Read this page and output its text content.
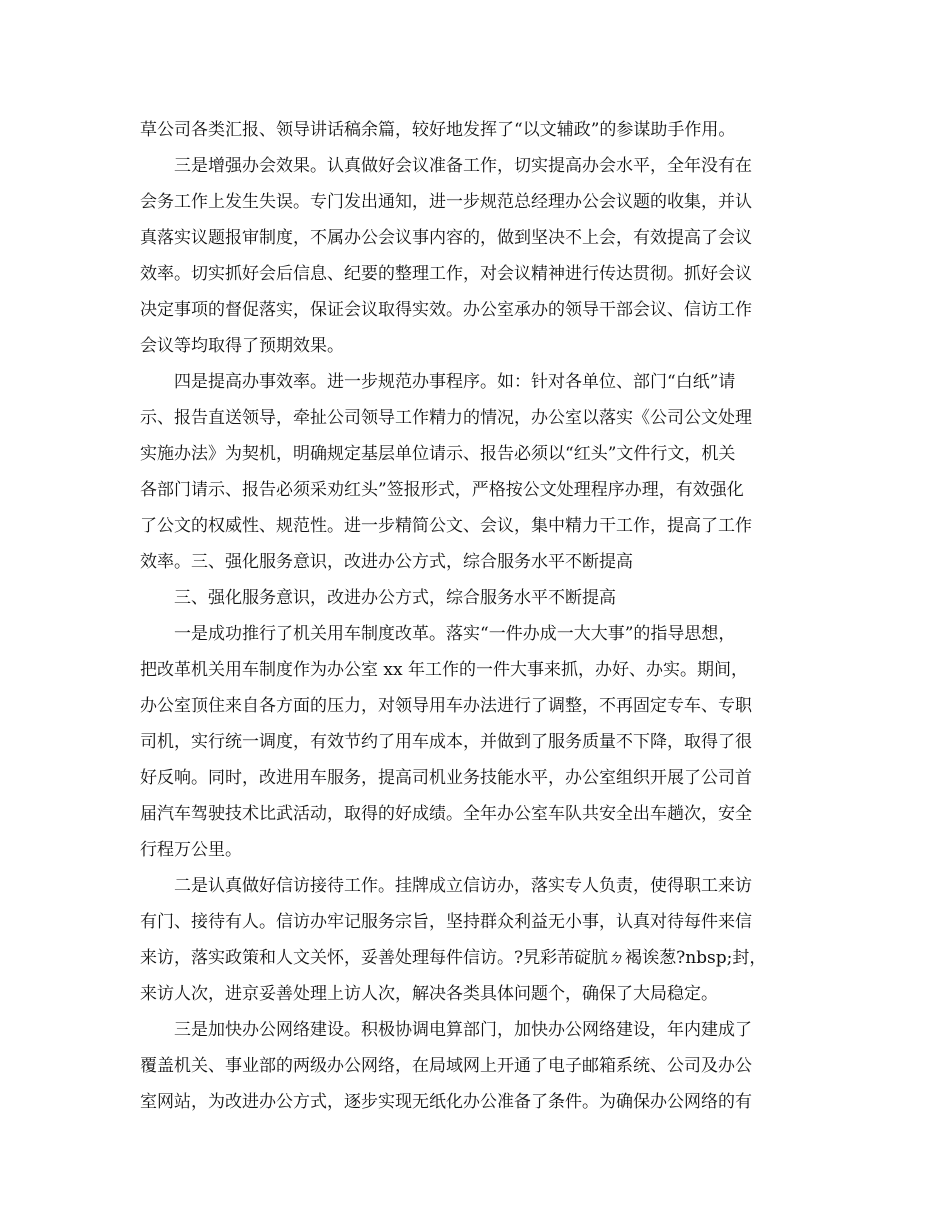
草公司各类汇报、领导讲话稿余篇，较好地发挥了“以文辅政”的参谋助手作用。
　　三是增强办会效果。认真做好会议准备工作，切实提高办会水平，全年没有在
会务工作上发生失误。专门发出通知，进一步规范总经理办公会议题的收集，并认
真落实议题报审制度，不属办公会议事内容的，做到坚决不上会，有效提高了会议
效率。切实抓好会后信息、纪要的整理工作，对会议精神进行传达贯彻。抓好会议
决定事项的督促落实，保证会议取得实效。办公室承办的领导干部会议、信访工作
会议等均取得了预期效果。
　　四是提高办事效率。进一步规范办事程序。如：针对各单位、部门“白纸”请
示、报告直送领导，牵扯公司领导工作精力的情况，办公室以落实《公司公文处理
实施办法》为契机，明确规定基层单位请示、报告必须以“红头”文件行文，机关
各部门请示、报告必须采劝红头”签报形式，严格按公文处理程序办理，有效强化
了公文的权威性、规范性。进一步精简公文、会议，集中精力干工作，提高了工作
效率。三、强化服务意识，改进办公方式，综合服务水平不断提高
　　三、强化服务意识，改进办公方式，综合服务水平不断提高
　　一是成功推行了机关用车制度改革。落实“一件办成一大大事”的指导思想，
把改革机关用车制度作为办公室 xx 年工作的一件大事来抓，办好、办实。期间，
办公室顶住来自各方面的压力，对领导用车办法进行了调整，不再固定专车、专职
司机，实行统一调度，有效节约了用车成本，并做到了服务质量不下降，取得了很
好反响。同时，改进用车服务，提高司机业务技能水平，办公室组织开展了公司首
届汽车驾驶技术比武活动，取得的好成绩。全年办公室车队共安全出车趟次，安全
行程万公里。
　　二是认真做好信访接待工作。挂牌成立信访办，落实专人负责，使得职工来访
有门、接待有人。信访办牢记服务宗旨，坚持群众利益无小事，认真对待每件来信
来访，落实政策和人文关怀，妥善处理每件信访。?旯彩芾碇肮ㄉ褐诶葱?nbsp;封，
来访人次，进京妥善处理上访人次，解决各类具体问题个，确保了大局稳定。
　　三是加快办公网络建设。积极协调电算部门，加快办公网络建设，年内建成了
覆盖机关、事业部的两级办公网络，在局域网上开通了电子邮箱系统、公司及办公
室网站，为改进办公方式，逐步实现无纸化办公准备了条件。为确保办公网络的有
